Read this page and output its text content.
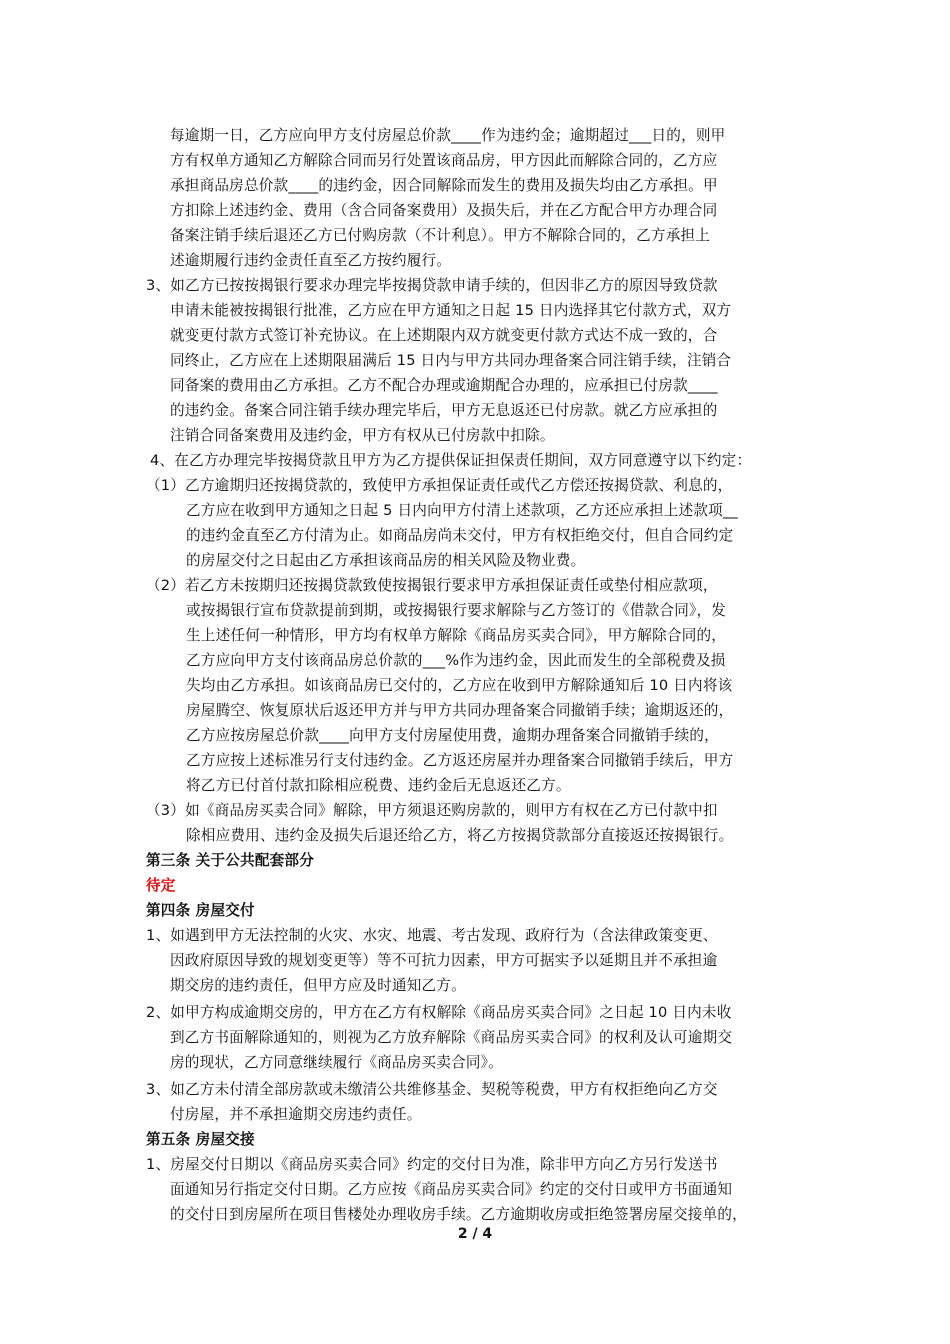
每逾期一日，乙方应向甲方支付房屋总价款____作为违约金；逾期超过___日的，则甲
方有权单方通知乙方解除合同而另行处置该商品房，甲方因此而解除合同的，乙方应
承担商品房总价款____的违约金，因合同解除而发生的费用及损失均由乙方承担。甲
方扣除上述违约金、费用（含合同备案费用）及损失后，并在乙方配合甲方办理合同
备案注销手续后退还乙方已付购房款（不计利息）。甲方不解除合同的，乙方承担上
述逾期履行违约金责任直至乙方按约履行。
3、如乙方已按按揭银行要求办理完毕按揭贷款申请手续的，但因非乙方的原因导致贷款
申请未能被按揭银行批准，乙方应在甲方通知之日起 15 日内选择其它付款方式，双方
就变更付款方式签订补充协议。在上述期限内双方就变更付款方式达不成一致的，合
同终止，乙方应在上述期限届满后 15 日内与甲方共同办理备案合同注销手续，注销合
同备案的费用由乙方承担。乙方不配合办理或逾期配合办理的，应承担已付房款____
的违约金。备案合同注销手续办理完毕后，甲方无息返还已付房款。就乙方应承担的
注销合同备案费用及违约金，甲方有权从已付房款中扣除。
4、在乙方办理完毕按揭贷款且甲方为乙方提供保证担保责任期间，双方同意遵守以下约定：
（1）乙方逾期归还按揭贷款的，致使甲方承担保证责任或代乙方偿还按揭贷款、利息的，
乙方应在收到甲方通知之日起 5 日内向甲方付清上述款项，乙方还应承担上述款项__
的违约金直至乙方付清为止。如商品房尚未交付，甲方有权拒绝交付，但自合同约定
的房屋交付之日起由乙方承担该商品房的相关风险及物业费。
（2）若乙方未按期归还按揭贷款致使按揭银行要求甲方承担保证责任或垫付相应款项，
或按揭银行宣布贷款提前到期，或按揭银行要求解除与乙方签订的《借款合同》，发
生上述任何一种情形，甲方均有权单方解除《商品房买卖合同》，甲方解除合同的，
乙方应向甲方支付该商品房总价款的___%作为违约金，因此而发生的全部税费及损
失均由乙方承担。如该商品房已交付的，乙方应在收到甲方解除通知后 10 日内将该
房屋腾空、恢复原状后返还甲方并与甲方共同办理备案合同撤销手续；逾期返还的，
乙方应按房屋总价款____向甲方支付房屋使用费，逾期办理备案合同撤销手续的，
乙方应按上述标准另行支付违约金。乙方返还房屋并办理备案合同撤销手续后，甲方
将乙方已付首付款扣除相应税费、违约金后无息返还乙方。
（3）如《商品房买卖合同》解除，甲方须退还购房款的，则甲方有权在乙方已付款中扣
除相应费用、违约金及损失后退还给乙方，将乙方按揭贷款部分直接返还按揭银行。
第三条 关于公共配套部分
待定
第四条 房屋交付
1、如遇到甲方无法控制的火灾、水灾、地震、考古发现、政府行为（含法律政策变更、
因政府原因导致的规划变更等）等不可抗力因素，甲方可据实予以延期且并不承担逾
期交房的违约责任，但甲方应及时通知乙方。
2、如甲方构成逾期交房的，甲方在乙方有权解除《商品房买卖合同》之日起 10 日内未收
到乙方书面解除通知的，则视为乙方放弃解除《商品房买卖合同》的权利及认可逾期交
房的现状，乙方同意继续履行《商品房买卖合同》。
3、如乙方未付清全部房款或未缴清公共维修基金、契税等税费，甲方有权拒绝向乙方交
付房屋，并不承担逾期交房违约责任。
第五条 房屋交接
1、房屋交付日期以《商品房买卖合同》约定的交付日为准，除非甲方向乙方另行发送书
面通知另行指定交付日期。乙方应按《商品房买卖合同》约定的交付日或甲方书面通知
的交付日到房屋所在项目售楼处办理收房手续。乙方逾期收房或拒绝签署房屋交接单的，
2 / 4
